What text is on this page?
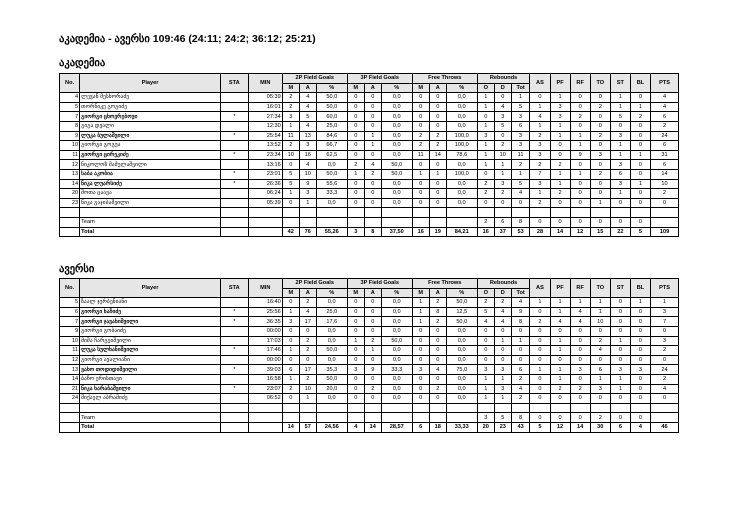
აკადემია - ავერსი 109:46 (24:11; 24:2; 36:12; 25:21)
აკადემია
No.	Player	STA	MIN	2P Field Goals			3P Field Goals			Free Throws			Rebounds			AS	PF	RF	TO	ST	BL	PTS
				M	A	%	M	A	%	M	A	%	O	D	Tot							
4	ლევან მესხორაძე		05:39	2	4	50,0	0	0	0,0	0	0	0,0	1	0	1	0	1	0	0	1	0	4
5	თორნიკე გოგიძე		16:01	2	4	50,0	0	0	0,0	0	0	0,0	1	4	5	1	3	0	2	1	1	4
7	გიორგი ცხოვრებოვი	*	27:34	3	5	60,0	0	0	0,0	0	0	0,0	0	3	3	4	3	2	0	5	2	6
8	გიგა დვალი		12:30	1	4	25,0	0	0	0,0	0	0	0,0	1	5	6	1	1	0	0	0	0	2
9	ლუკა ბულაშვილი	*	25:54	11	13	84,6	0	1	0,0	2	2	100,0	3	0	3	2	1	1	2	3	0	24
10	გიორგი გოგუა		13:52	2	3	66,7	0	1	0,0	2	2	100,0	1	2	3	3	0	1	0	1	0	6
11	გიორგი ცირეკიძე	*	23:34	10	16	62,5	0	0	0,0	11	14	78,6	1	10	11	3	0	9	3	1	1	31
12	ნიკოლოზ მამულაშვილი		13:16	0	4	0,0	2	4	50,0	0	0	0,0	1	1	2	2	2	0	0	3	0	6
13	საბა აკობია	*	23:01	5	10	50,0	1	2	50,0	1	1	100,0	0	1	1	7	1	1	2	6	0	14
14	ნიკა ლუარსიძე	*	26:36	5	9	55,6	0	0	0,0	0	0	0,0	2	3	5	3	1	0	0	3	1	10
20	შოთა ცაავა		06:24	1	3	33,3	0	0	0,0	0	0	0,0	2	2	4	1	2	0	0	1	0	2
23	ნიკა გაჯიბაშვილი		05:39	0	1	0,0	0	0	0,0	0	0	0,0	0	0	0	2	0	0	1	0	0	0

	Team												2	6	8	0	0	0	0	0	0	
	Total			42	76	55,26	3	8	37,50	16	19	84,21	16	37	53	28	14	12	15	22	5	109
ავერსი
No.	Player	STA	MIN	2P Field Goals			3P Field Goals			Free Throws			Rebounds			AS	PF	RF	TO	ST	BL	PTS
				M	A	%	M	A	%	M	A	%	O	D	Tot							
5	ზაალ ჯერბენიანი		16:40	0	2	0,0	0	0	0,0	1	2	50,0	2	2	4	1	1	1	1	0	1	1
6	გიორგი ხაჩიძე	*	25:56	1	4	25,0	0	0	0,0	1	8	12,5	5	4	9	0	1	4	1	0	0	3
7	გიორგი ჯავახიშვილი	*	36:35	3	17	17,6	0	0	0,0	1	2	50,0	4	4	8	2	4	4	10	0	0	7
9	გიორგი გობაიძე		00:00	0	0	0,0	0	0	0,0	0	0	0,0	0	0	0	0	0	0	0	0	0	0
10	მიშა ჩარგეიშვილი		17:03	0	2	0,0	1	2	50,0	0	0	0,0	0	1	1	0	1	0	2	1	0	3
11	ლუკა სულხანიშვილი	*	17:46	1	2	50,0	0	1	0,0	0	0	0,0	0	0	0	0	1	0	4	0	0	2
12	გიორგი ავალიანი		00:00	0	0	0,0	0	0	0,0	0	0	0,0	0	0	0	0	0	0	0	0	0	0
13	ვახო თოდიდიშვილი	*	39:03	6	17	35,3	3	9	33,3	3	4	75,0	3	3	6	1	1	3	6	3	3	24
14	ბაჩო ერისთავი		16:58	1	2	50,0	0	0	0,0	0	0	0,0	1	1	2	0	1	0	1	1	0	2
21	ნიკა ხარაბაშვილი	*	23:07	2	10	20,0	0	2	0,0	0	2	0,0	1	3	4	0	2	2	3	1	0	4
24	მიქაელ აბრამიძე		06:52	0	1	0,0	0	0	0,0	0	0	0,0	1	1	2	0	0	0	0	0	0	0

	Team												3	5	8	0	0	0	2	0	0	
	Total			14	57	24,56	4	14	28,57	6	18	33,33	20	23	43	5	12	14	30	6	4	46
